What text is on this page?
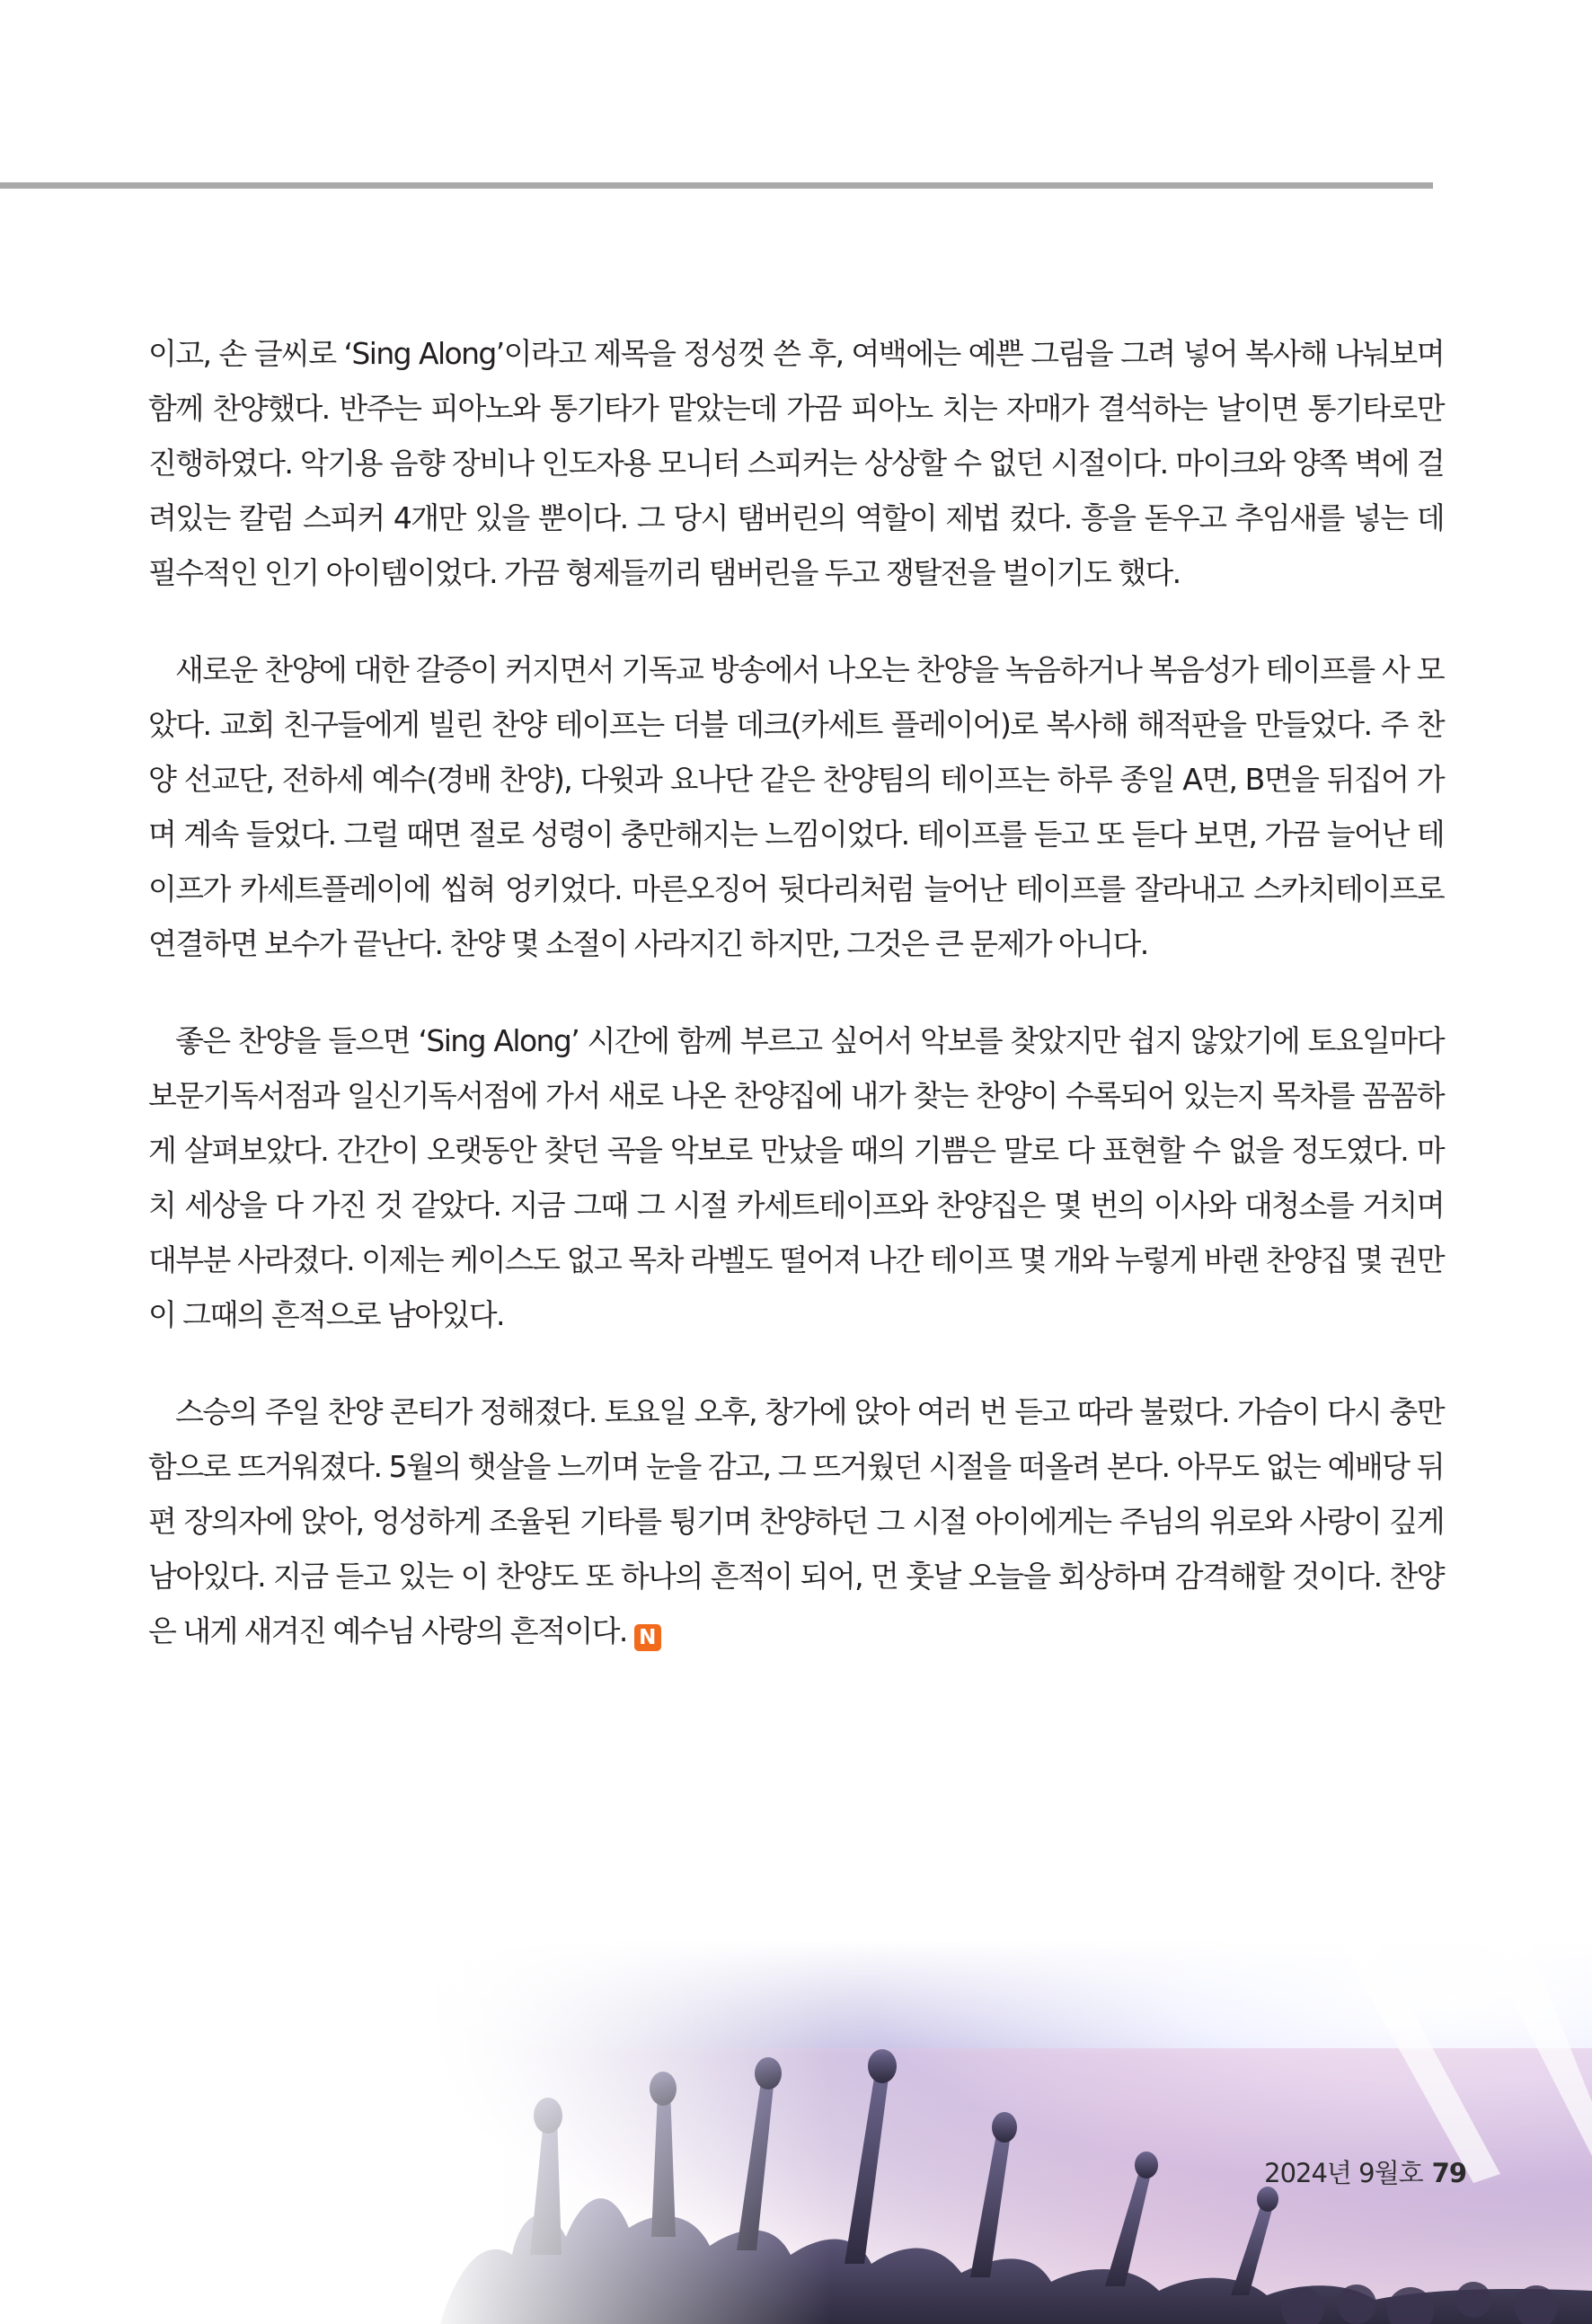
이고, 손 글씨로 ‘Sing Along’이라고 제목을 정성껏 쓴 후, 여백에는 예쁜 그림을 그려 넣어 복사해 나눠보며 함께 찬양했다. 반주는 피아노와 통기타가 맡았는데 가끔 피아노 치는 자매가 결석하는 날이면 통기타로만 진행하였다. 악기용 음향 장비나 인도자용 모니터 스피커는 상상할 수 없던 시절이다. 마이크와 양쪽 벽에 걸려있는 칼럼 스피커 4개만 있을 뿐이다. 그 당시 탬버린의 역할이 제법 컸다. 흥을 돋우고 추임새를 넣는 데 필수적인 인기 아이템이었다. 가끔 형제들끼리 탬버린을 두고 쟁탈전을 벌이기도 했다.

새로운 찬양에 대한 갈증이 커지면서 기독교 방송에서 나오는 찬양을 녹음하거나 복음성가 테이프를 사 모았다. 교회 친구들에게 빌린 찬양 테이프는 더블 데크(카세트 플레이어)로 복사해 해적판을 만들었다. 주 찬양 선교단, 전하세 예수(경배 찬양), 다윗과 요나단 같은 찬양팀의 테이프는 하루 종일 A면, B면을 뒤집어 가며 계속 들었다. 그럴 때면 절로 성령이 충만해지는 느낌이었다. 테이프를 듣고 또 듣다 보면, 가끔 늘어난 테이프가 카세트플레이에 씹혀 엉키었다. 마른오징어 뒷다리처럼 늘어난 테이프를 잘라내고 스카치테이프로 연결하면 보수가 끝난다. 찬양 몇 소절이 사라지긴 하지만, 그것은 큰 문제가 아니다.

좋은 찬양을 들으면 ‘Sing Along’ 시간에 함께 부르고 싶어서 악보를 찾았지만 쉽지 않았기에 토요일마다 보문기독서점과 일신기독서점에 가서 새로 나온 찬양집에 내가 찾는 찬양이 수록되어 있는지 목차를 꼼꼼하게 살펴보았다. 간간이 오랫동안 찾던 곡을 악보로 만났을 때의 기쁨은 말로 다 표현할 수 없을 정도였다. 마치 세상을 다 가진 것 같았다. 지금 그때 그 시절 카세트테이프와 찬양집은 몇 번의 이사와 대청소를 거치며 대부분 사라졌다. 이제는 케이스도 없고 목차 라벨도 떨어져 나간 테이프 몇 개와 누렇게 바랜 찬양집 몇 권만이 그때의 흔적으로 남아있다.

스승의 주일 찬양 콘티가 정해졌다. 토요일 오후, 창가에 앉아 여러 번 듣고 따라 불렀다. 가슴이 다시 충만함으로 뜨거워졌다. 5월의 햇살을 느끼며 눈을 감고, 그 뜨거웠던 시절을 떠올려 본다. 아무도 없는 예배당 뒤편 장의자에 앉아, 엉성하게 조율된 기타를 튕기며 찬양하던 그 시절 아이에게는 주님의 위로와 사랑이 깊게 남아있다. 지금 듣고 있는 이 찬양도 또 하나의 흔적이 되어, 먼 훗날 오늘을 회상하며 감격해할 것이다. 찬양은 내게 새겨진 예수님 사랑의 흔적이다. N

2024년 9월호 79
